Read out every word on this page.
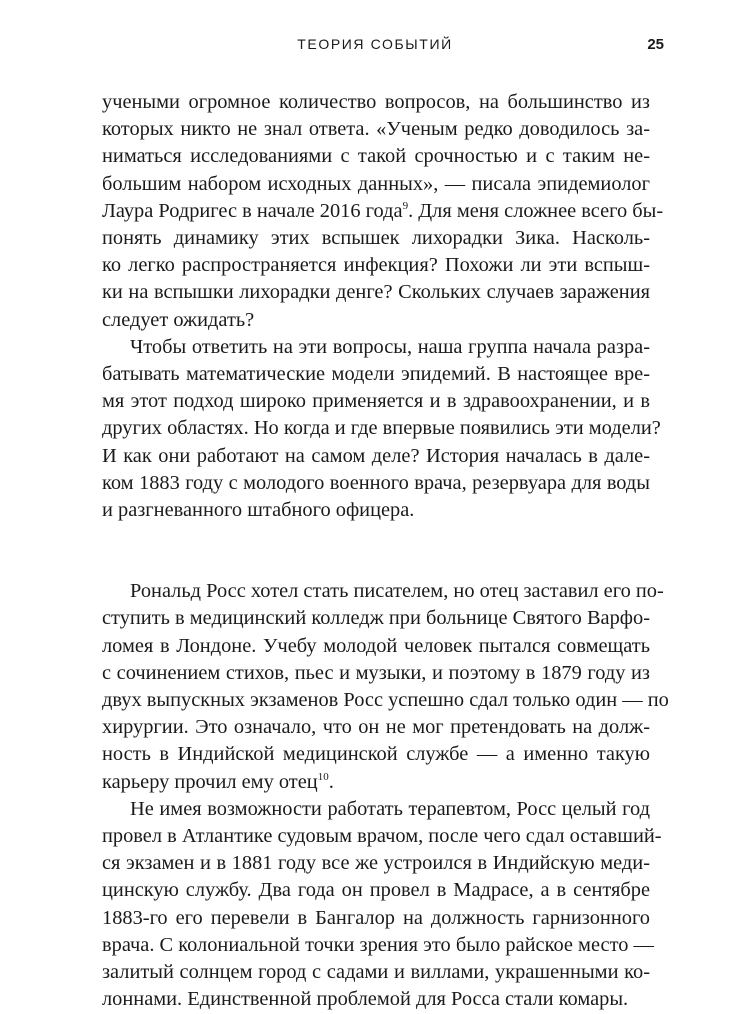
ТЕОРИЯ СОБЫТИЙ	25
учеными огромное количество вопросов, на большинство из
которых никто не знал ответа. «Ученым редко доводилось за-
ниматься исследованиями с такой срочностью и с таким не-
большим набором исходных данных», — писала эпидемиолог
Лаура Родригес в начале 2016 года$^9$. Для меня сложнее всего бы-
понять динамику этих вспышек лихорадки Зика. Насколь-
ко легко распространяется инфекция? Похожи ли эти вспыш-
ки на вспышки лихорадки денге? Скольких случаев заражения
следует ожидать?
Чтобы ответить на эти вопросы, наша группа начала разра-
батывать математические модели эпидемий. В настоящее вре-
мя этот подход широко применяется и в здравоохранении, и в
других областях. Но когда и где впервые появились эти модели?
И как они работают на самом деле? История началась в дале-
ком 1883 году с молодого военного врача, резервуара для воды
и разгневанного штабного офицера.
Рональд Росс хотел стать писателем, но отец заставил его по-
ступить в медицинский колледж при больнице Святого Варфо-
ломея в Лондоне. Учебу молодой человек пытался совмещать
с сочинением стихов, пьес и музыки, и поэтому в 1879 году из
двух выпускных экзаменов Росс успешно сдал только один — по
хирургии. Это означало, что он не мог претендовать на долж-
ность в Индийской медицинской службе — а именно такую
карьеру прочил ему отец$^{10}$.
Не имея возможности работать терапевтом, Росс целый год
провел в Атлантике судовым врачом, после чего сдал оставший-
ся экзамен и в 1881 году все же устроился в Индийскую меди-
цинскую службу. Два года он провел в Мадрасе, а в сентябре
1883-го его перевели в Бангалор на должность гарнизонного
врача. С колониальной точки зрения это было райское место —
залитый солнцем город с садами и виллами, украшенными ко-
лоннами. Единственной проблемой для Росса стали комары.
